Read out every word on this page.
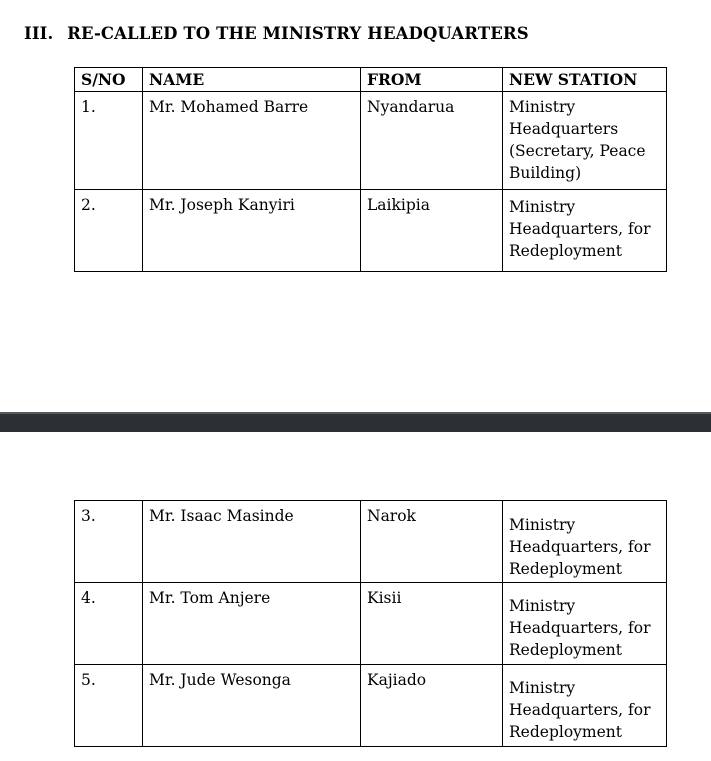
III. RE-CALLED TO THE MINISTRY HEADQUARTERS
S/NO	NAME	FROM	NEW STATION
1.	Mr. Mohamed Barre	Nyandarua	Ministry
Headquarters
(Secretary, Peace
Building)

2.	Mr. Joseph Kanyiri	Laikipia	Ministry
Headquarters, for
Redeployment
3.	Mr. Isaac Masinde	Narok	Ministry
Headquarters, for
Redeployment

4.	Mr. Tom Anjere	Kisii	Ministry
Headquarters, for
Redeployment

5.	Mr. Jude Wesonga	Kajiado	Ministry
Headquarters, for
Redeployment
